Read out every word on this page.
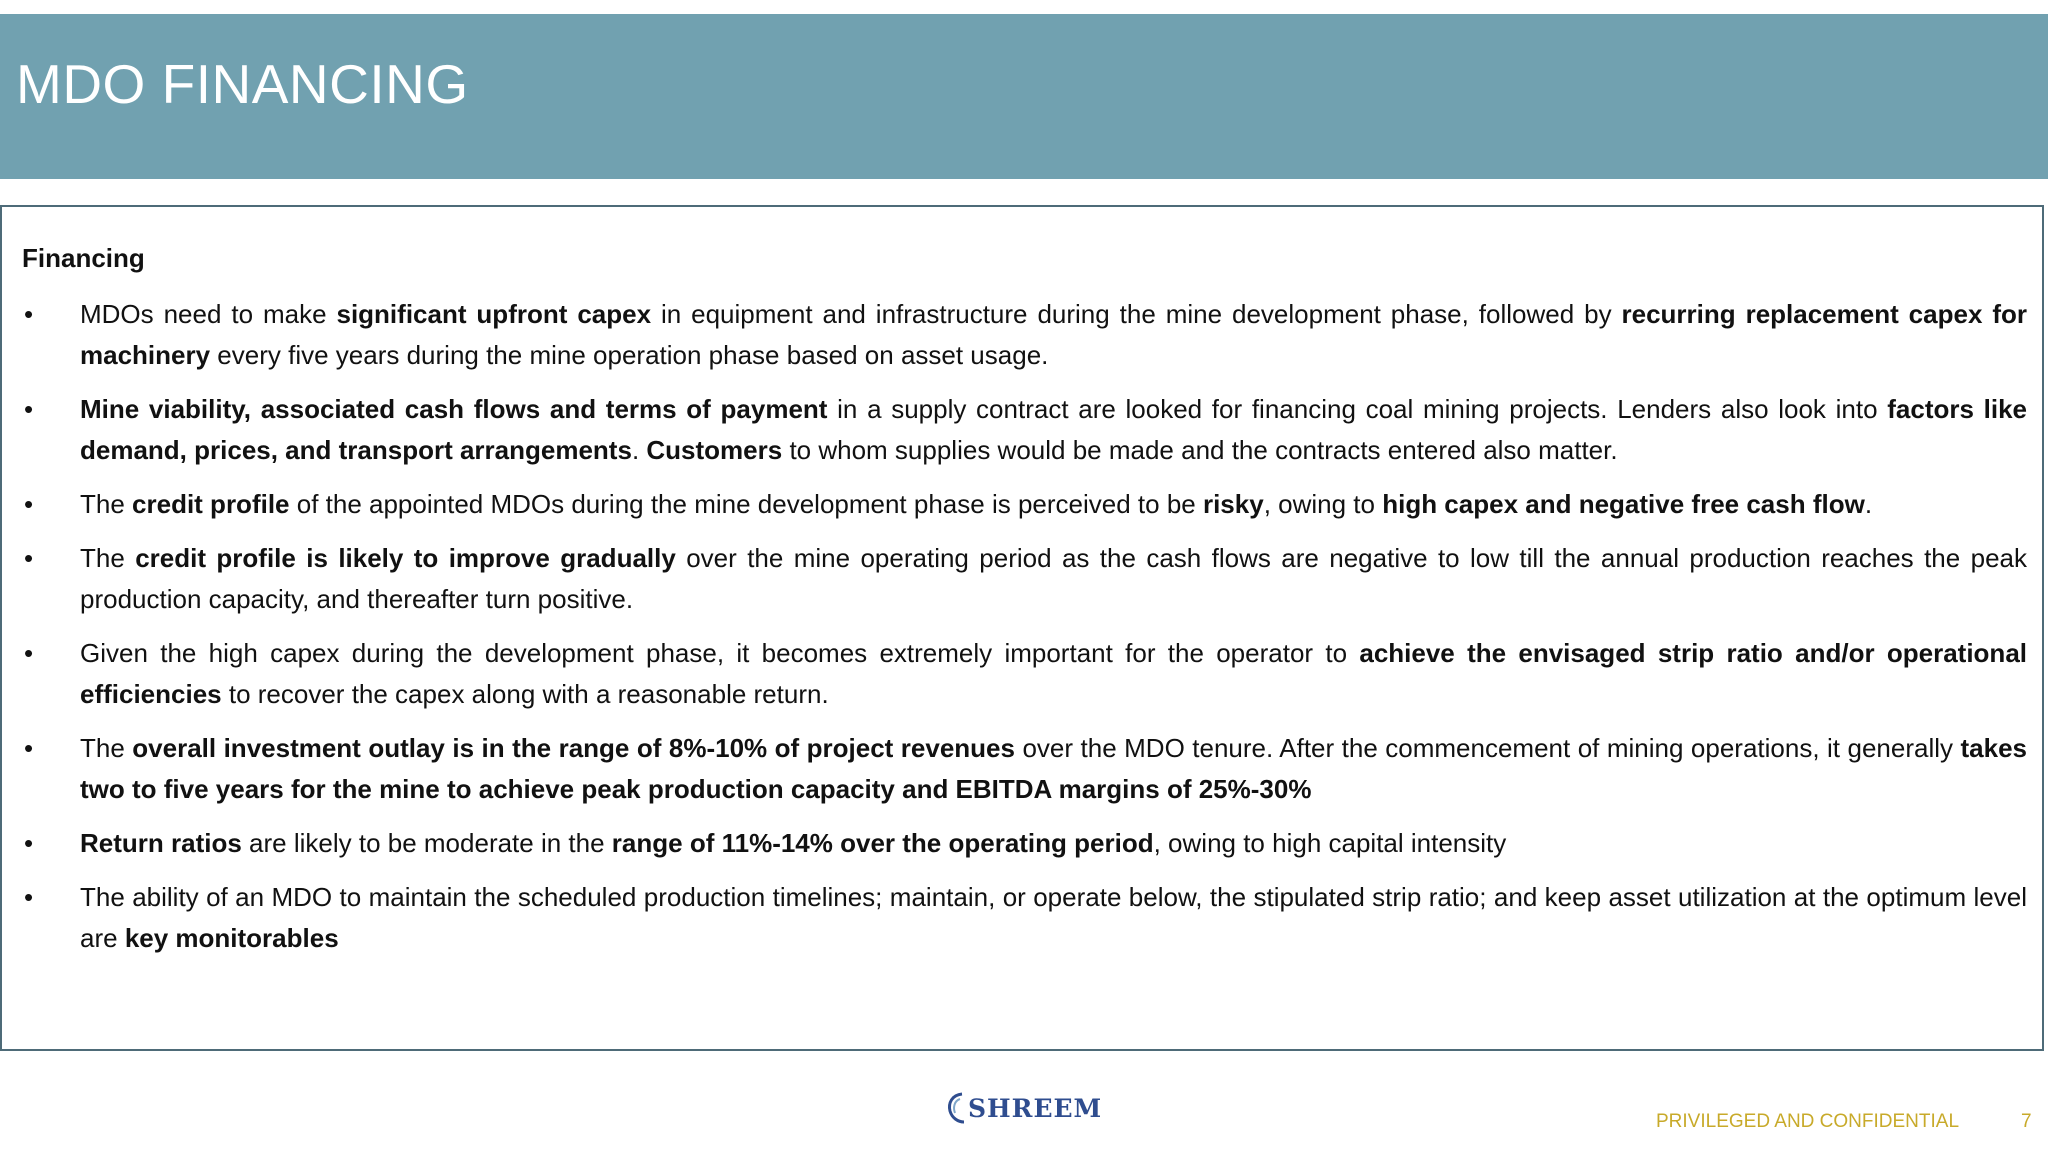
MDO FINANCING
Financing
• MDOs need to make significant upfront capex in equipment and infrastructure during the mine development phase, followed by recurring replacement capex for machinery every five years during the mine operation phase based on asset usage.
• Mine viability, associated cash flows and terms of payment in a supply contract are looked for financing coal mining projects. Lenders also look into factors like demand, prices, and transport arrangements. Customers to whom supplies would be made and the contracts entered also matter.
• The credit profile of the appointed MDOs during the mine development phase is perceived to be risky, owing to high capex and negative free cash flow.
• The credit profile is likely to improve gradually over the mine operating period as the cash flows are negative to low till the annual production reaches the peak production capacity, and thereafter turn positive.
• Given the high capex during the development phase, it becomes extremely important for the operator to achieve the envisaged strip ratio and/or operational efficiencies to recover the capex along with a reasonable return.
• The overall investment outlay is in the range of 8%-10% of project revenues over the MDO tenure. After the commencement of mining operations, it generally takes two to five years for the mine to achieve peak production capacity and EBITDA margins of 25%-30%
• Return ratios are likely to be moderate in the range of 11%-14% over the operating period, owing to high capital intensity
• The ability of an MDO to maintain the scheduled production timelines; maintain, or operate below, the stipulated strip ratio; and keep asset utilization at the optimum level are key monitorables
SHREEM	PRIVILEGED AND CONFIDENTIAL	7
